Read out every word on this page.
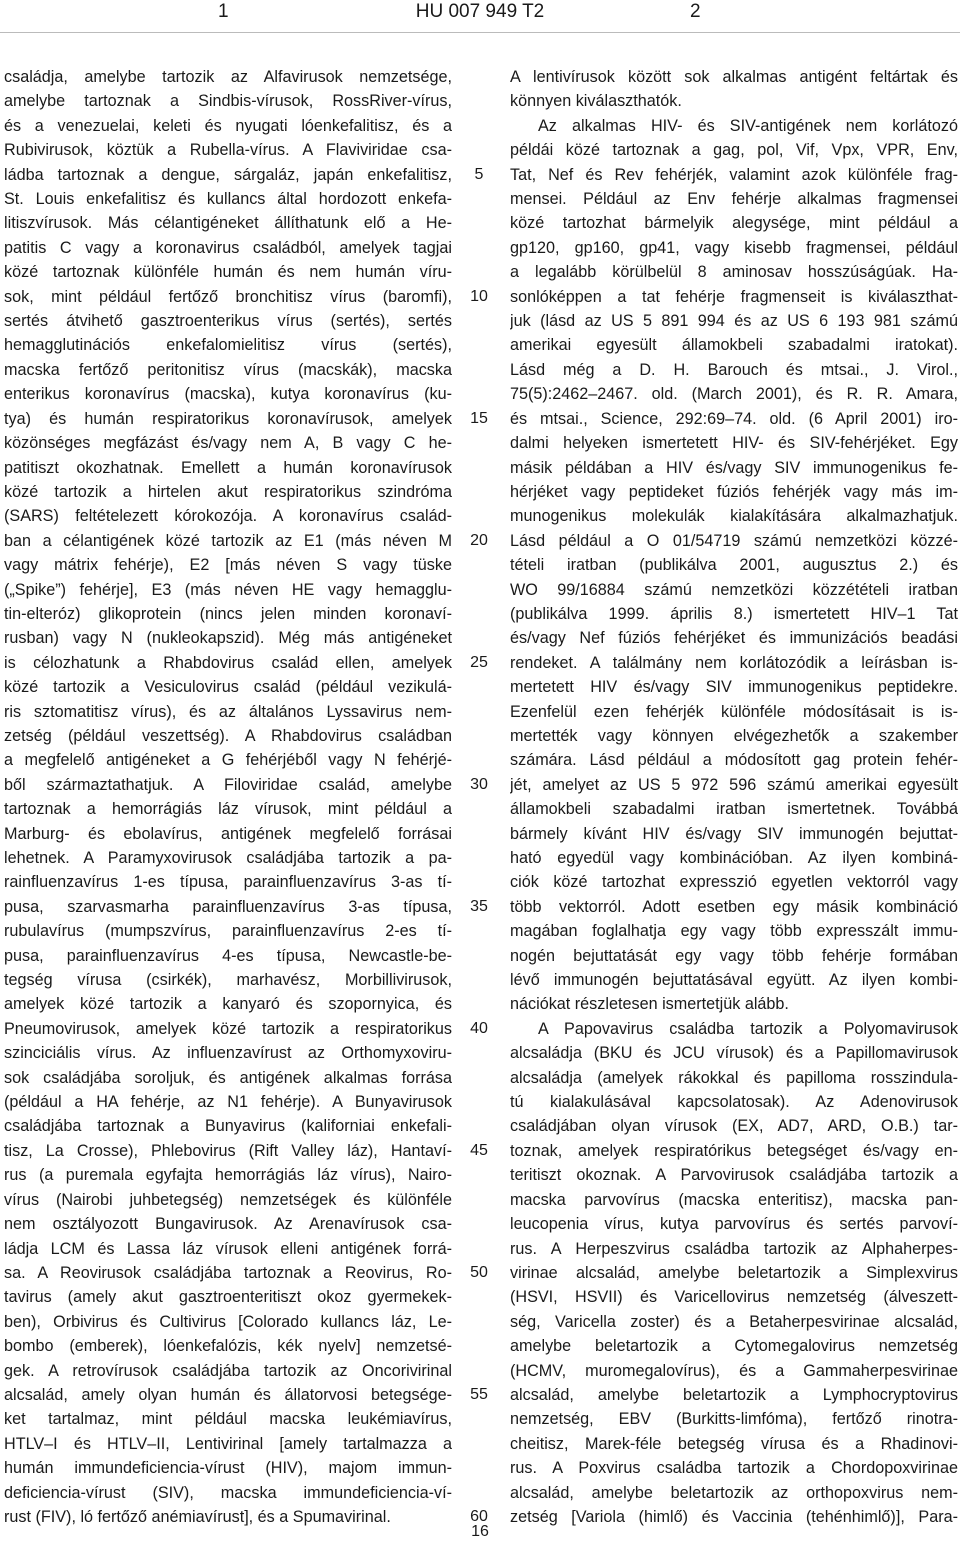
1	HU 007 949 T2	2
családja, amelybe tartozik az Alfavirusok nemzetsége,
amelybe tartoznak a Sindbis-vírusok, RossRiver-vírus,
és a venezuelai, keleti és nyugati lóenkefalitisz, és a
Rubivirusok, köztük a Rubella-vírus. A Flaviviridae csa-
ládba tartoznak a dengue, sárgaláz, japán enkefalitisz,
St. Louis enkefalitisz és kullancs által hordozott enkefa-
litiszvírusok. Más célantigéneket állíthatunk elő a He-
patitis C vagy a koronavirus családból, amelyek tagjai
közé tartoznak különféle humán és nem humán víru-
sok, mint például fertőző bronchitisz vírus (baromfi),
sertés átvihető gasztroenterikus vírus (sertés), sertés
hemagglutinációs enkefalomielitisz vírus (sertés),
macska fertőző peritonitisz vírus (macskák), macska
enterikus koronavírus (macska), kutya koronavírus (ku-
tya) és humán respiratorikus koronavírusok, amelyek
közönséges megfázást és/vagy nem A, B vagy C he-
patitiszt okozhatnak. Emellett a humán koronavírusok
közé tartozik a hirtelen akut respiratorikus szindróma
(SARS) feltételezett kórokozója. A koronavírus család-
ban a célantigének közé tartozik az E1 (más néven M
vagy mátrix fehérje), E2 [más néven S vagy tüske
(„Spike”) fehérje], E3 (más néven HE vagy hemagglu-
tin-elteróz) glikoprotein (nincs jelen minden koronaví-
rusban) vagy N (nukleokapszid). Még más antigéneket
is célozhatunk a Rhabdovirus család ellen, amelyek
közé tartozik a Vesiculovirus család (például vezikulá-
ris sztomatitisz vírus), és az általános Lyssavirus nem-
zetség (például veszettség). A Rhabdovirus családban
a megfelelő antigéneket a G fehérjéből vagy N fehérjé-
ből származtathatjuk. A Filoviridae család, amelybe
tartoznak a hemorrágiás láz vírusok, mint például a
Marburg- és ebolavírus, antigének megfelelő forrásai
lehetnek. A Paramyxovirusok családjába tartozik a pa-
rainfluenzavírus 1-es típusa, parainfluenzavírus 3-as tí-
pusa, szarvasmarha parainfluenzavírus 3-as típusa,
rubulavírus (mumpszvírus, parainfluenzavírus 2-es tí-
pusa, parainfluenzavírus 4-es típusa, Newcastle-be-
tegség vírusa (csirkék), marhavész, Morbillivirusok,
amelyek közé tartozik a kanyaró és szopornyica, és
Pneumovirusok, amelyek közé tartozik a respiratorikus
szinciciális vírus. Az influenzavírust az Orthomyxoviru-
sok családjába soroljuk, és antigének alkalmas forrása
(például a HA fehérje, az N1 fehérje). A Bunyavirusok
családjába tartoznak a Bunyavirus (kaliforniai enkefali-
tisz, La Crosse), Phlebovirus (Rift Valley láz), Hantaví-
rus (a puremala egyfajta hemorrágiás láz vírus), Nairo-
vírus (Nairobi juhbetegség) nemzetségek és különféle
nem osztályozott Bungavirusok. Az Arenavírusok csa-
ládja LCM és Lassa láz vírusok elleni antigének forrá-
sa. A Reovirusok családjába tartoznak a Reovirus, Ro-
tavirus (amely akut gasztroenteritiszt okoz gyermekek-
ben), Orbivirus és Cultivirus [Colorado kullancs láz, Le-
bombo (emberek), lóenkefalózis, kék nyelv] nemzetsé-
gek. A retrovírusok családjába tartozik az Oncorivirinal
alcsalád, amely olyan humán és állatorvosi betegsége-
ket tartalmaz, mint például macska leukémiavírus,
HTLV–I és HTLV–II, Lentivirinal [amely tartalmazza a
humán immundeficiencia-vírust (HIV), majom immun-
deficiencia-vírust (SIV), macska immundeficiencia-ví-
rust (FIV), ló fertőző anémiavírust], és a Spumavirinal.
5
10
15
20
25
30
35
40
45
50
55
60
A lentivírusok között sok alkalmas antigént feltártak és
könnyen kiválaszthatók.
Az alkalmas HIV- és SIV-antigének nem korlátozó
példái közé tartoznak a gag, pol, Vif, Vpx, VPR, Env,
Tat, Nef és Rev fehérjék, valamint azok különféle frag-
mensei. Például az Env fehérje alkalmas fragmensei
közé tartozhat bármelyik alegysége, mint például a
gp120, gp160, gp41, vagy kisebb fragmensei, például
a legalább körülbelül 8 aminosav hosszúságúak. Ha-
sonlóképpen a tat fehérje fragmenseit is kiválaszthat-
juk (lásd az US 5 891 994 és az US 6 193 981 számú
amerikai egyesült államokbeli szabadalmi iratokat).
Lásd még a D. H. Barouch és mtsai., J. Virol.,
75(5):2462–2467. old. (March 2001), és R. R. Amara,
és mtsai., Science, 292:69–74. old. (6 April 2001) iro-
dalmi helyeken ismertetett HIV- és SIV-fehérjéket. Egy
másik példában a HIV és/vagy SIV immunogenikus fe-
hérjéket vagy peptideket fúziós fehérjék vagy más im-
munogenikus molekulák kialakítására alkalmazhatjuk.
Lásd például a O 01/54719 számú nemzetközi közzé-
tételi iratban (publikálva 2001, augusztus 2.) és
WO 99/16884 számú nemzetközi közzétételi iratban
(publikálva 1999. április 8.) ismertetett HIV–1 Tat
és/vagy Nef fúziós fehérjéket és immunizációs beadási
rendeket. A találmány nem korlátozódik a leírásban is-
mertetett HIV és/vagy SIV immunogenikus peptidekre.
Ezenfelül ezen fehérjék különféle módosításait is is-
mertették vagy könnyen elvégezhetők a szakember
számára. Lásd például a módosított gag protein fehér-
jét, amelyet az US 5 972 596 számú amerikai egyesült
államokbeli szabadalmi iratban ismertetnek. Továbbá
bármely kívánt HIV és/vagy SIV immunogén bejuttat-
ható egyedül vagy kombinációban. Az ilyen kombiná-
ciók közé tartozhat expresszió egyetlen vektorról vagy
több vektorról. Adott esetben egy másik kombináció
magában foglalhatja egy vagy több expresszált immu-
nogén bejuttatását egy vagy több fehérje formában
lévő immunogén bejuttatásával együtt. Az ilyen kombi-
nációkat részletesen ismertetjük alább.
A Papovavirus családba tartozik a Polyomavirusok
alcsaládja (BKU és JCU vírusok) és a Papillomavirusok
alcsaládja (amelyek rákokkal és papilloma rosszindula-
tú kialakulásával kapcsolatosak). Az Adenovirusok
családjában olyan vírusok (EX, AD7, ARD, O.B.) tar-
toznak, amelyek respiratórikus betegséget és/vagy en-
teritiszt okoznak. A Parvovirusok családjába tartozik a
macska parvovírus (macska enteritisz), macska pan-
leucopenia vírus, kutya parvovírus és sertés parvoví-
rus. A Herpeszvirus családba tartozik az Alphaherpes-
virinae alcsalád, amelybe beletartozik a Simplexvirus
(HSVI, HSVII) és Varicellovirus nemzetség (álveszett-
ség, Varicella zoster) és a Betaherpesvirinae alcsalád,
amelybe beletartozik a Cytomegalovirus nemzetség
(HCMV, muromegalovírus), és a Gammaherpesvirinae
alcsalád, amelybe beletartozik a Lymphocryptovirus
nemzetség, EBV (Burkitts-limfóma), fertőző rinotra-
cheitisz, Marek-féle betegség vírusa és a Rhadinovi-
rus. A Poxvirus családba tartozik a Chordopoxvirinae
alcsalád, amelybe beletartozik az orthopoxvirus nem-
zetség [Variola (himlő) és Vaccinia (tehénhimlő)], Para-
16
